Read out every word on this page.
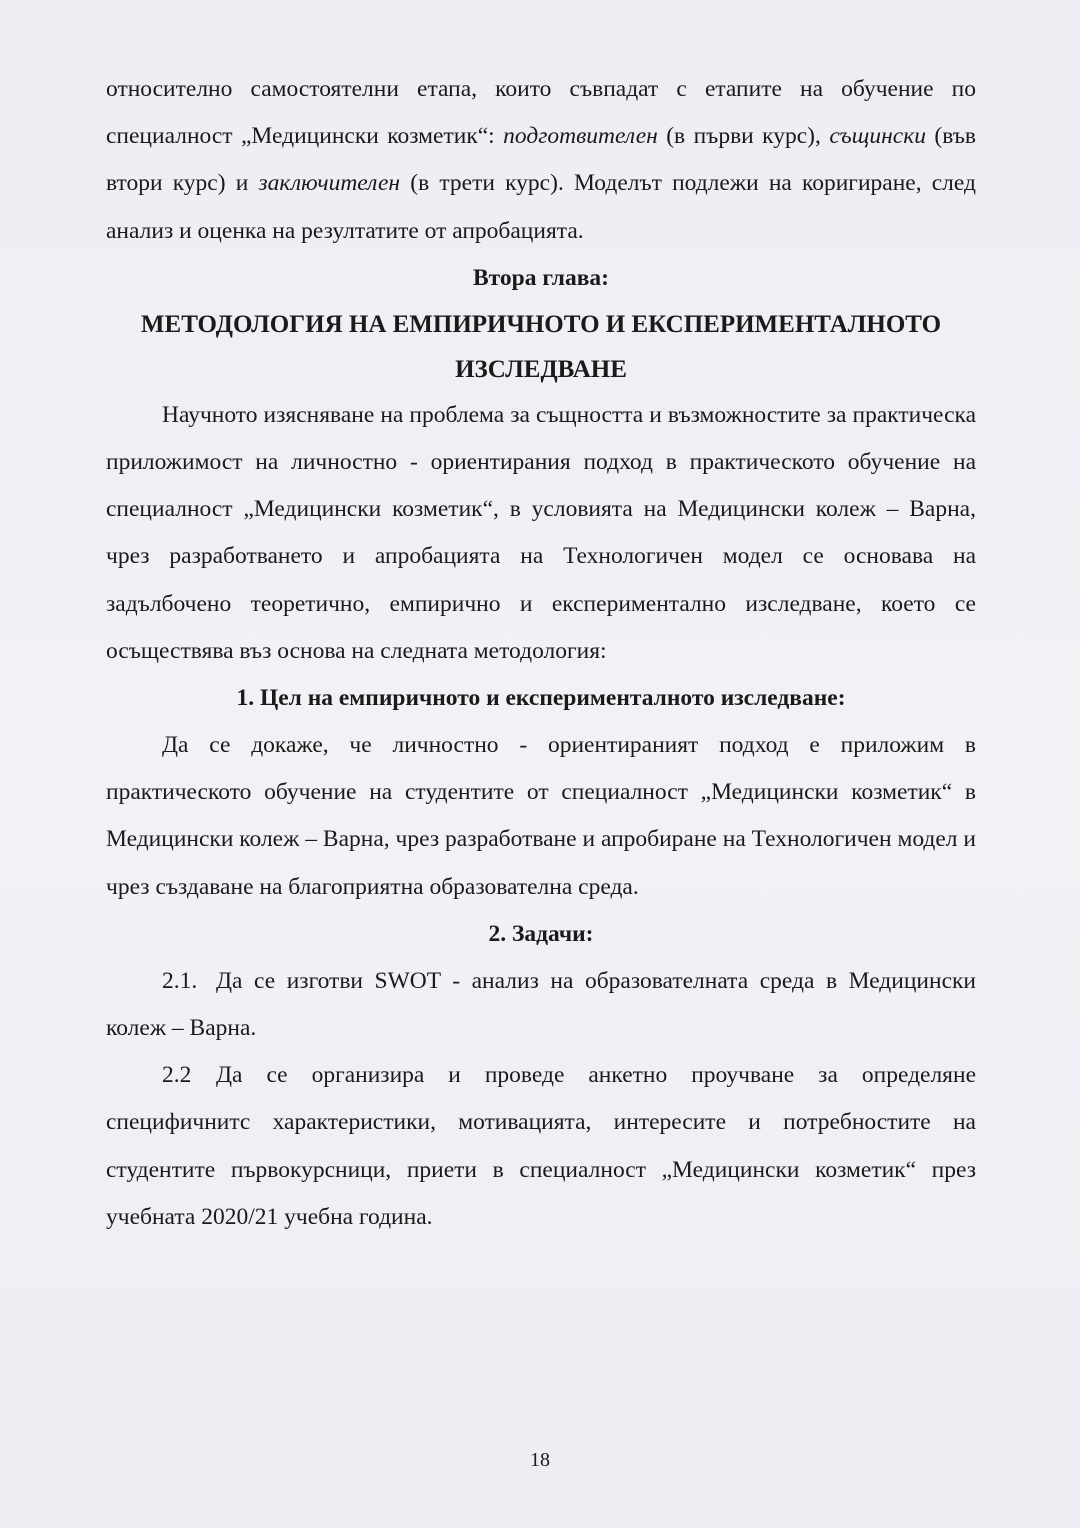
относително самостоятелни етапа, които съвпадат с етапите на обучение по специалност „Медицински козметик“: подготвителен (в първи курс), същински (във втори курс) и заключителен (в трети курс). Моделът подлежи на коригиране, след анализ и оценка на резултатите от апробацията.

Втора глава:

МЕТОДОЛОГИЯ НА ЕМПИРИЧНОТО И ЕКСПЕРИМЕНТАЛНОТО

ИЗСЛЕДВАНЕ

Научното изясняване на проблема за същността и възможностите за практическа приложимост на личностно - ориентирания подход в практическото обучение на специалност „Медицински козметик“, в условията на Медицински колеж – Варна, чрез разработването и апробацията на Технологичен модел се основава на задълбочено теоретично, емпирично и експериментално изследване, което се осъществява въз основа на следната методология:

1. Цел на емпиричното и експерименталното изследване:

Да се докаже, че личностно - ориентираният подход е приложим в практическото обучение на студентите от специалност „Медицински козметик“ в Медицински колеж – Варна, чрез разработване и апробиране на Технологичен модел и чрез създаване на благоприятна образователна среда.

2. Задачи:

2.1. Да се изготви SWOT - анализ на образователната среда в Медицински колеж – Варна.

2.2 Да се организира и проведе анкетно проучване за определяне специфичнитс характеристики, мотивацията, интересите и потребностите на студентите първокурсници, приети в специалност „Медицински козметик“ през учебната 2020/21 учебна година.

18
